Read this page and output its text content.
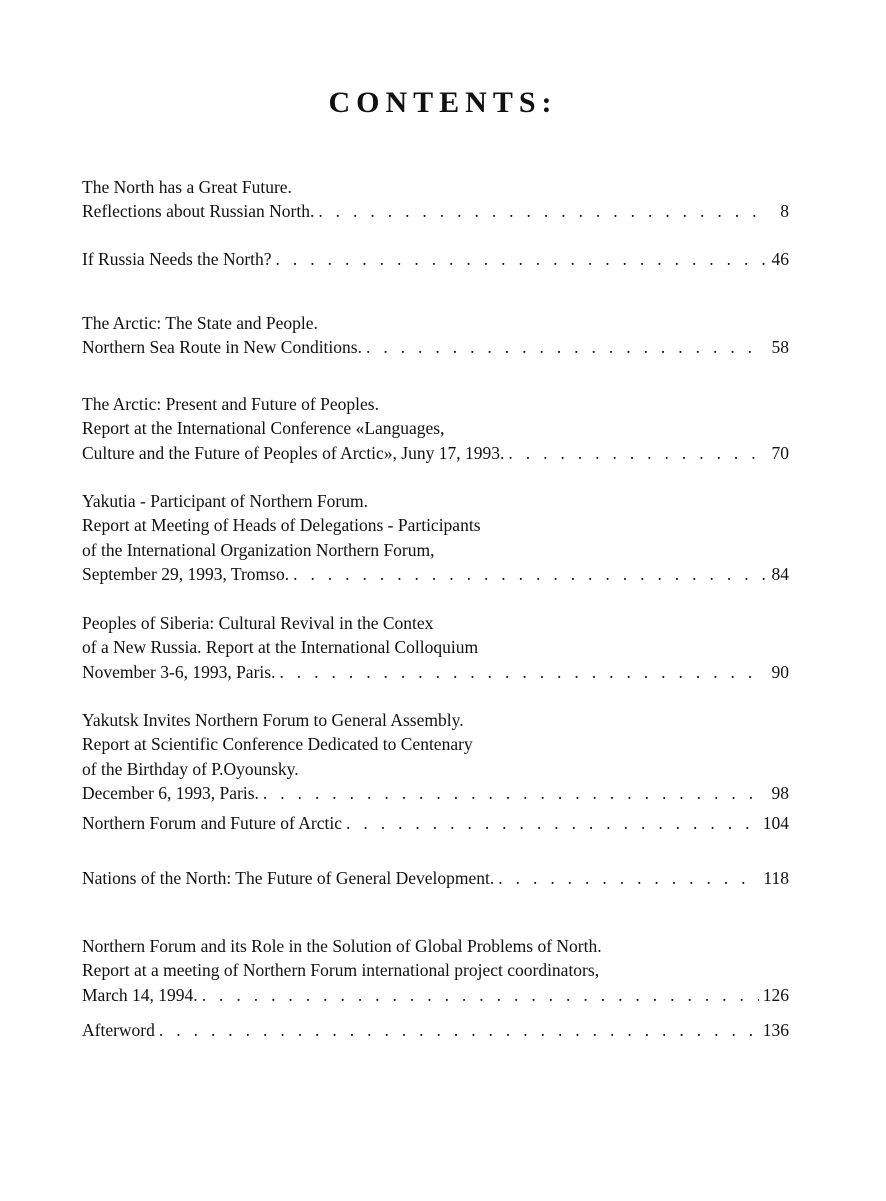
CONTENTS:
The North has a Great Future.
Reflections about Russian North. . . .	8
If Russia Needs the North? . . .	46
The Arctic: The State and People.
Northern Sea Route in New Conditions. . . .	58
The Arctic: Present and Future of Peoples.
Report at the International Conference «Languages,
Culture and the Future of Peoples of Arctic», Juny 17, 1993. . . .	70
Yakutia - Participant of Northern Forum.
Report at Meeting of Heads of Delegations - Participants
of the International Organization Northern Forum,
September 29, 1993, Tromso. . . .	84
Peoples of Siberia: Cultural Revival in the Contex
of a New Russia. Report at the International Colloquium
November 3-6, 1993, Paris. . . .	90
Yakutsk Invites Northern Forum to General Assembly.
Report at Scientific Conference Dedicated to Centenary
of the Birthday of P.Oyounsky.
December 6, 1993, Paris. . . .	98
Northern Forum and Future of Arctic . . .	104
Nations of the North: The Future of General Development. . . .	118
Northern Forum and its Role in the Solution of Global Problems of North.
Report at a meeting of Northern Forum international project coordinators,
March 14, 1994. . . .	126
Afterword . . .	136
